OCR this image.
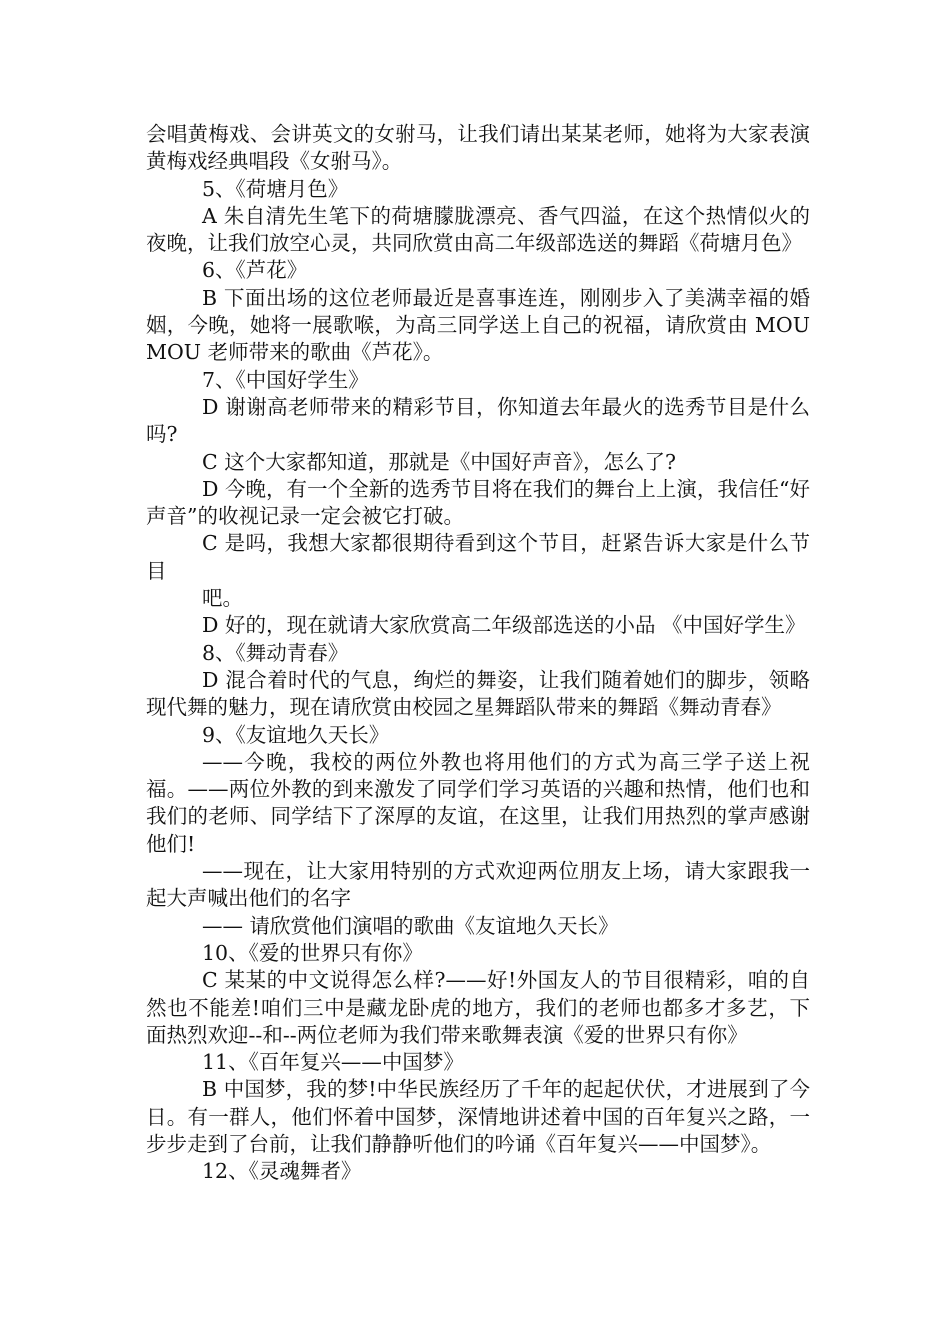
会唱黄梅戏、会讲英文的女驸马，让我们请出某某老师，她将为大家表演黄梅戏经典唱段《女驸马》。

5、《荷塘月色》

A 朱自清先生笔下的荷塘朦胧漂亮、香气四溢，在这个热情似火的夜晚，让我们放空心灵，共同欣赏由高二年级部选送的舞蹈《荷塘月色》

6、《芦花》

B 下面出场的这位老师最近是喜事连连，刚刚步入了美满幸福的婚姻，今晚，她将一展歌喉，为高三同学送上自己的祝福，请欣赏由 MOUMOU 老师带来的歌曲《芦花》。

7、《中国好学生》

D 谢谢高老师带来的精彩节目，你知道去年最火的选秀节目是什么吗?

C 这个大家都知道，那就是《中国好声音》，怎么了?

D 今晚，有一个全新的选秀节目将在我们的舞台上上演，我信任“好声音”的收视记录一定会被它打破。

C 是吗，我想大家都很期待看到这个节目，赶紧告诉大家是什么节目

吧。

D 好的，现在就请大家欣赏高二年级部选送的小品 《中国好学生》

8、《舞动青春》

D 混合着时代的气息，绚烂的舞姿，让我们随着她们的脚步，领略现代舞的魅力，现在请欣赏由校园之星舞蹈队带来的舞蹈《舞动青春》

9、《友谊地久天长》

——今晚，我校的两位外教也将用他们的方式为高三学子送上祝福。——两位外教的到来激发了同学们学习英语的兴趣和热情，他们也和我们的老师、同学结下了深厚的友谊，在这里，让我们用热烈的掌声感谢他们!

——现在，让大家用特别的方式欢迎两位朋友上场，请大家跟我一起大声喊出他们的名字

—— 请欣赏他们演唱的歌曲《友谊地久天长》

10、《爱的世界只有你》

C 某某的中文说得怎么样?——好!外国友人的节目很精彩，咱的自然也不能差!咱们三中是藏龙卧虎的地方，我们的老师也都多才多艺，下面热烈欢迎--和--两位老师为我们带来歌舞表演《爱的世界只有你》

11、《百年复兴——中国梦》

B 中国梦，我的梦!中华民族经历了千年的起起伏伏，才进展到了今日。有一群人，他们怀着中国梦，深情地讲述着中国的百年复兴之路，一步步走到了台前，让我们静静听他们的吟诵《百年复兴——中国梦》。

12、《灵魂舞者》
